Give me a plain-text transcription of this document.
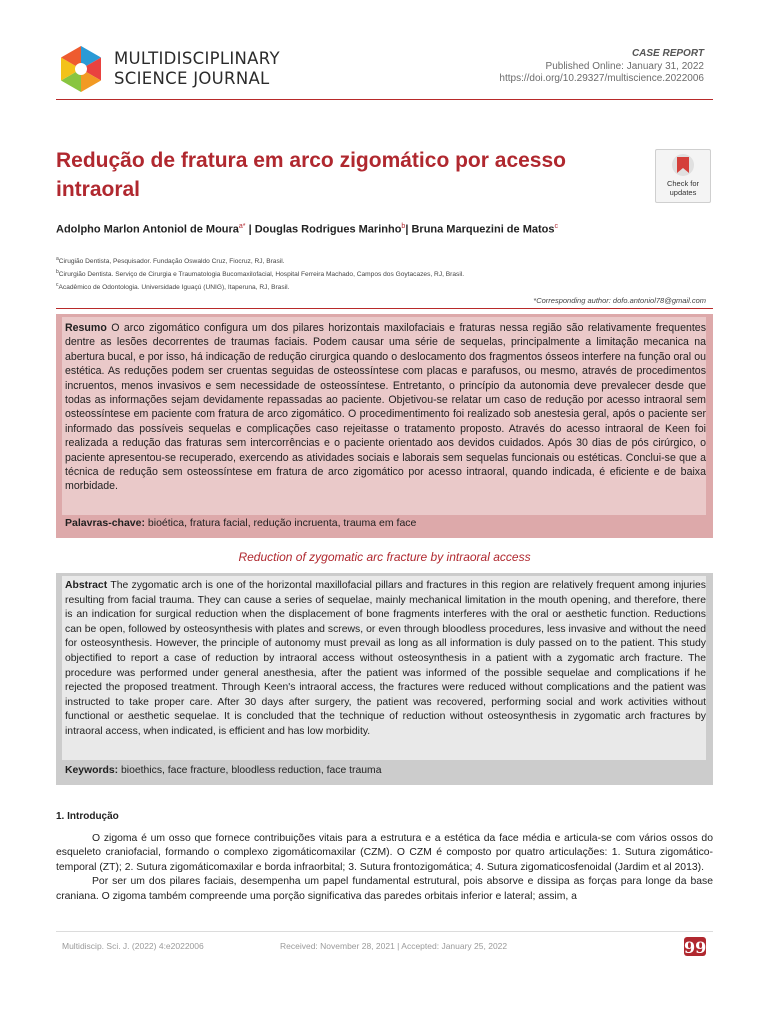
MULTIDISCIPLINARY
SCIENCE JOURNAL
CASE REPORT
Published Online: January 31, 2022
https://doi.org/10.29327/multiscience.2022006
Redução de fratura em arco zigomático por acesso intraoral	Check for
updates
Adolpho Marlon Antoniol de Moura$^{a*}$ | Douglas Rodrigues Marinho$^b$| Bruna Marquezini de Matos$^c$
$^a$Cirugião Dentista, Pesquisador. Fundação Oswaldo Cruz, Fiocruz, RJ, Brasil.
$^b$Cirurgião Dentista. Serviço de Cirurgia e Traumatologia Bucomaxilofacial, Hospital Ferreira Machado, Campos dos Goytacazes, RJ, Brasil.
$^c$Acadêmico de Odontologia. Universidade Iguaçú (UNIG), Itaperuna, RJ, Brasil.
*Corresponding author: dofo.antoniol78@gmail.com
Resumo O arco zigomático configura um dos pilares horizontais maxilofaciais e fraturas nessa região são relativamente frequentes dentre as lesões decorrentes de traumas faciais. Podem causar uma série de sequelas, principalmente a limitação mecanica na abertura bucal, e por isso, há indicação de redução cirurgica quando o deslocamento dos fragmentos ósseos interfere na função oral ou estética. As reduções podem ser cruentas seguidas de osteossíntese com placas e parafusos, ou mesmo, através de procedimentos incruentos, menos invasivos e sem necessidade de osteossíntese. Entretanto, o princípio da autonomia deve prevalecer desde que todas as informações sejam devidamente repassadas ao paciente. Objetivou-se relatar um caso de redução por acesso intraoral sem osteossíntese em paciente com fratura de arco zigomático. O procedimentimento foi realizado sob anestesia geral, após o paciente ser informado das possíveis sequelas e complicações caso rejeitasse o tratamento proposto. Através do acesso intraoral de Keen foi realizada a redução das fraturas sem intercorrências e o paciente orientado aos devidos cuidados. Após 30 dias de pós cirúrgico, o paciente apresentou-se recuperado, exercendo as atividades sociais e laborais sem sequelas funcionais ou estéticas. Conclui-se que a técnica de redução sem osteossíntese em fratura de arco zigomático por acesso intraoral, quando indicada, é eficiente e de baixa morbidade.
Palavras-chave: bioética, fratura facial, redução incruenta, trauma em face
Reduction of zygomatic arc fracture by intraoral access
Abstract The zygomatic arch is one of the horizontal maxillofacial pillars and fractures in this region are relatively frequent among injuries resulting from facial trauma. They can cause a series of sequelae, mainly mechanical limitation in the mouth opening, and therefore, there is an indication for surgical reduction when the displacement of bone fragments interferes with the oral or aesthetic function. Reductions can be open, followed by osteosynthesis with plates and screws, or even through bloodless procedures, less invasive and without the need for osteosynthesis. However, the principle of autonomy must prevail as long as all information is duly passed on to the patient. This study objectified to report a case of reduction by intraoral access without osteosynthesis in a patient with a zygomatic arch fracture. The procedure was performed under general anesthesia, after the patient was informed of the possible sequelae and complications if he rejected the proposed treatment. Through Keen's intraoral access, the fractures were reduced without complications and the patient was instructed to take proper care. After 30 days after surgery, the patient was recovered, performing social and work activities without functional or aesthetic sequelae. It is concluded that the technique of reduction without osteosynthesis in zygomatic arch fractures by intraoral access, when indicated, is efficient and has low morbidity.
Keywords: bioethics, face fracture, bloodless reduction, face trauma
1. Introdução

O zigoma é um osso que fornece contribuições vitais para a estrutura e a estética da face média e articula-se com vários ossos do esqueleto craniofacial, formando o complexo zigomáticomaxilar (CZM). O CZM é composto por quatro articulações: 1. Sutura zigomático-temporal (ZT); 2. Sutura zigomáticomaxilar e borda infraorbital; 3. Sutura frontozigomática; 4. Sutura zigomaticosfenoidal (Jardim et al 2013).

Por ser um dos pilares faciais, desempenha um papel fundamental estrutural, pois absorve e dissipa as forças para longe da base craniana. O zigoma também compreende uma porção significativa das paredes orbitais inferior e lateral; assim, a

Multidiscip. Sci. J. (2022) 4:e2022006	Received: November 28, 2021 | Accepted: January 25, 2022	99
